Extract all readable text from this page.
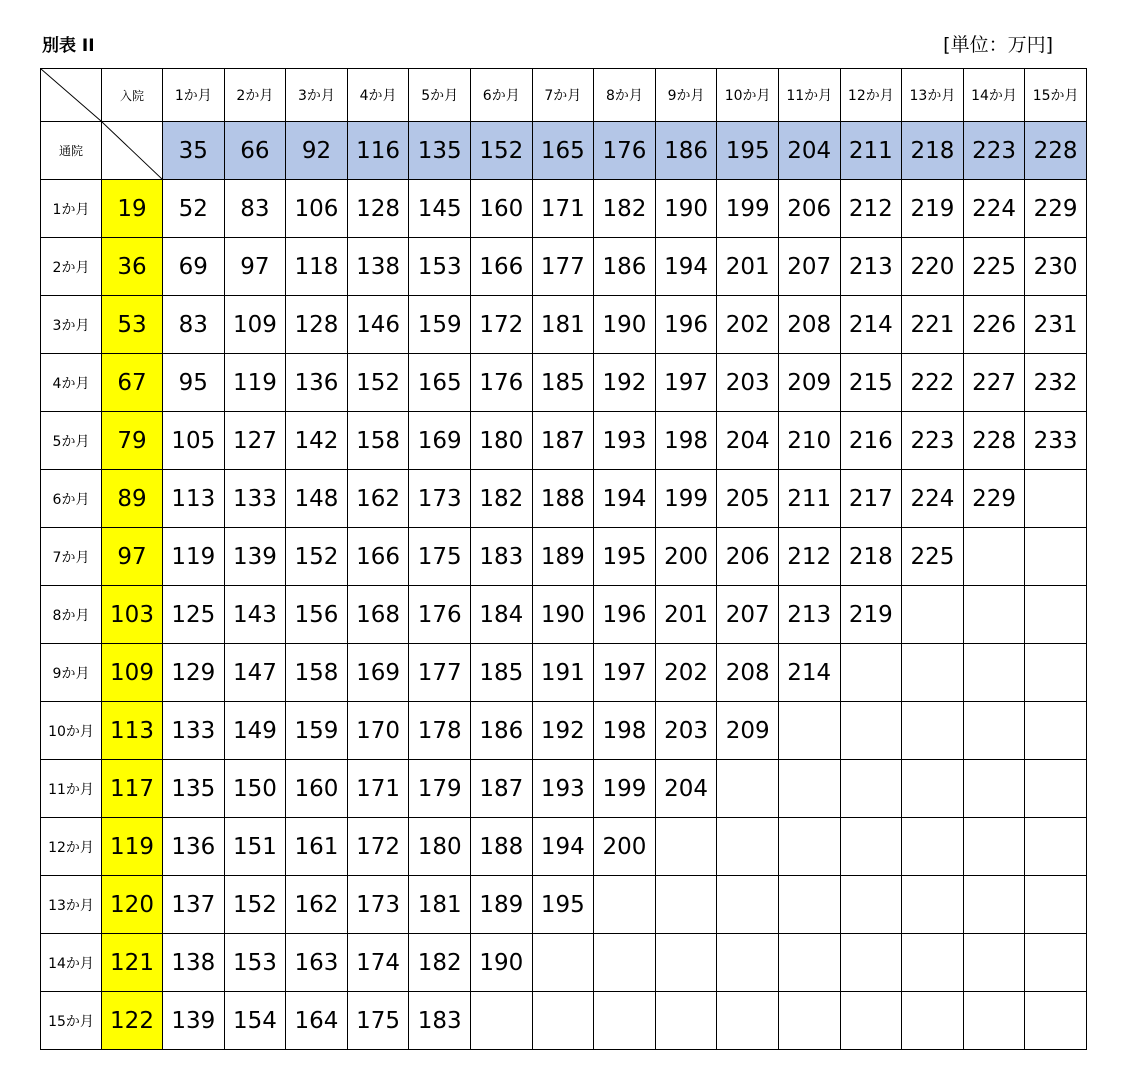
別表 II	[単位：万円]
	入院	1か月	2か月	3か月	4か月	5か月	6か月	7か月	8か月	9か月	10か月	11か月	12か月	13か月	14か月	15か月
通院		35	66	92	116	135	152	165	176	186	195	204	211	218	223	228
1か月	19	52	83	106	128	145	160	171	182	190	199	206	212	219	224	229
2か月	36	69	97	118	138	153	166	177	186	194	201	207	213	220	225	230
3か月	53	83	109	128	146	159	172	181	190	196	202	208	214	221	226	231
4か月	67	95	119	136	152	165	176	185	192	197	203	209	215	222	227	232
5か月	79	105	127	142	158	169	180	187	193	198	204	210	216	223	228	233
6か月	89	113	133	148	162	173	182	188	194	199	205	211	217	224	229	
7か月	97	119	139	152	166	175	183	189	195	200	206	212	218	225		
8か月	103	125	143	156	168	176	184	190	196	201	207	213	219			
9か月	109	129	147	158	169	177	185	191	197	202	208	214				
10か月	113	133	149	159	170	178	186	192	198	203	209					
11か月	117	135	150	160	171	179	187	193	199	204						
12か月	119	136	151	161	172	180	188	194	200							
13か月	120	137	152	162	173	181	189	195								
14か月	121	138	153	163	174	182	190									
15か月	122	139	154	164	175	183										
